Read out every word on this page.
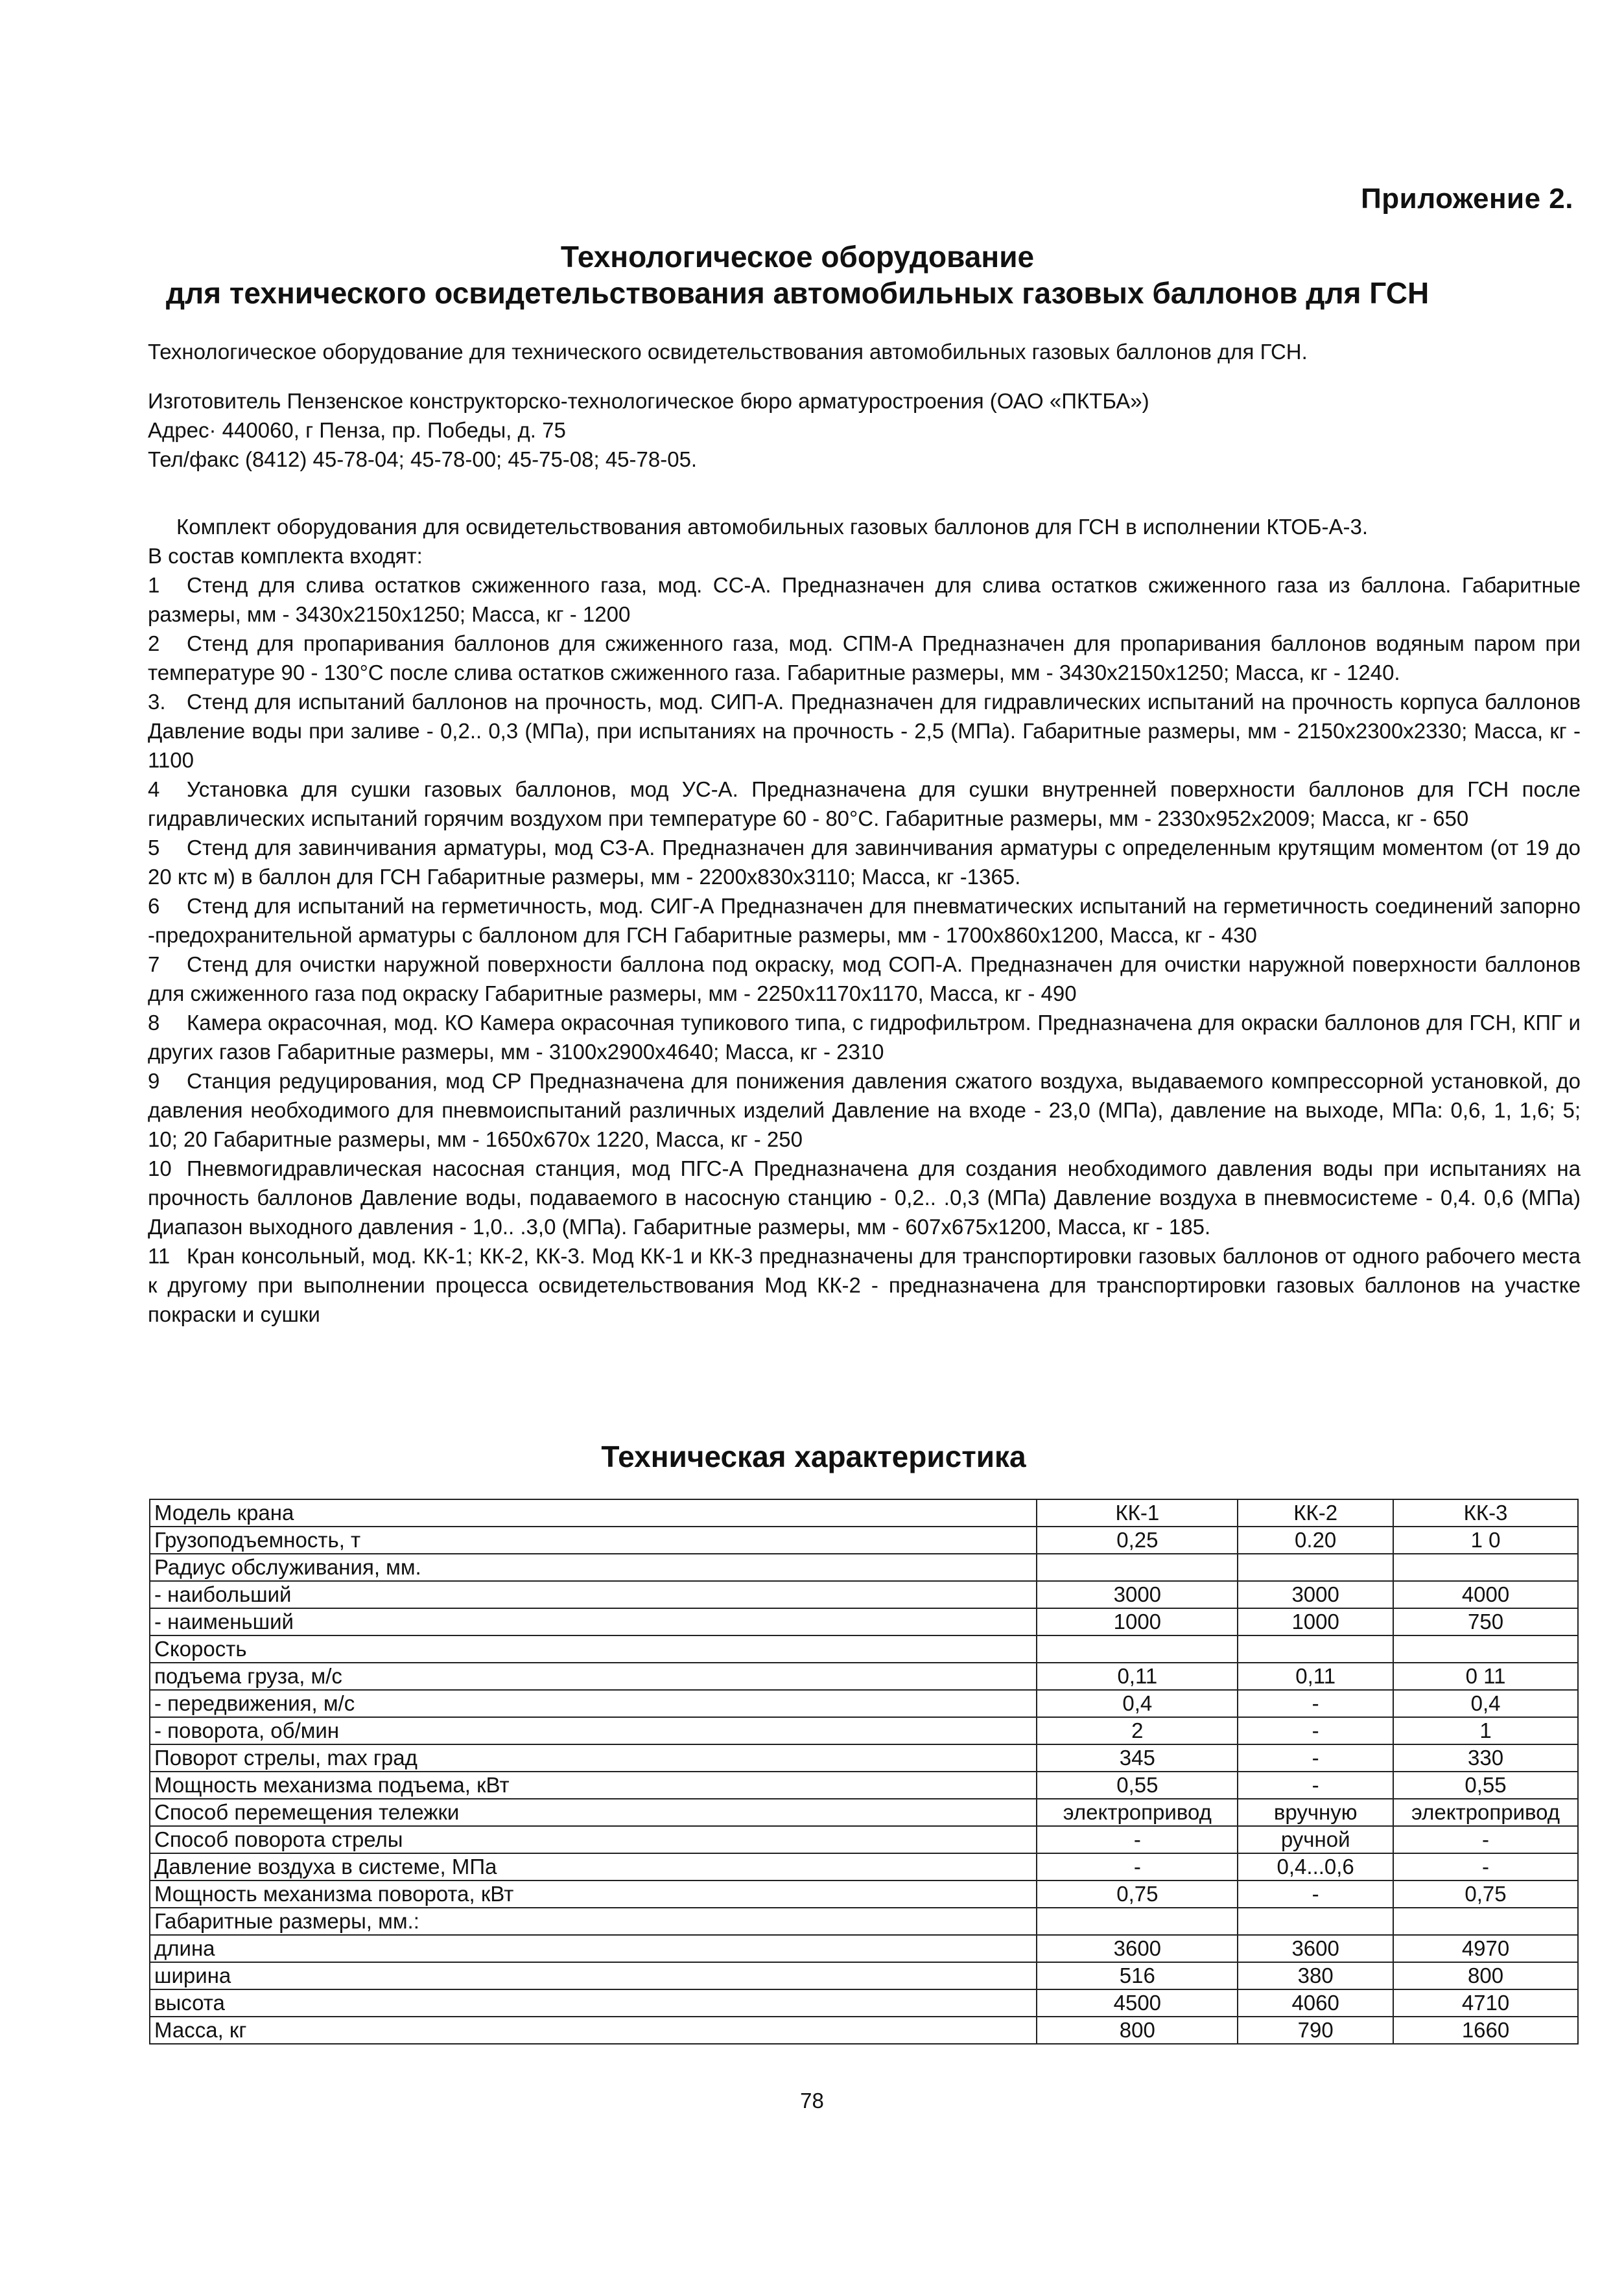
Приложение 2.
Технологическое оборудование
для технического освидетельствования автомобильных газовых баллонов для ГСН
Технологическое оборудование для технического освидетельствования автомобильных газовых баллонов для ГСН.
Изготовитель Пензенское конструкторско-технологическое бюро арматуростроения (ОАО «ПКТБА»)
Адрес· 440060, г Пенза, пр. Победы, д. 75
Тел/факс (8412) 45-78-04; 45-78-00; 45-75-08; 45-78-05.

Комплект оборудования для освидетельствования автомобильных газовых баллонов для ГСН в исполнении КТОБ-А-3.

В состав комплекта входят:

1 Стенд для слива остатков сжиженного газа, мод. СС-А. Предназначен для слива остатков сжиженного газа из баллона. Габаритные размеры, мм - 3430x2150x1250; Масса, кг - 1200

2 Стенд для пропаривания баллонов для сжиженного газа, мод. СПМ-А Предназначен для пропаривания баллонов водяным паром при температуре 90 - 130°С после слива остатков сжиженного газа. Габаритные размеры, мм - 3430x2150x1250; Масса, кг - 1240.

3. Стенд для испытаний баллонов на прочность, мод. СИП-А. Предназначен для гидравлических испытаний на прочность корпуса баллонов Давление воды при заливе - 0,2.. 0,3 (МПа), при испытаниях на прочность - 2,5 (МПа). Габаритные размеры, мм - 2150x2300x2330; Масса, кг - 1100

4 Установка для сушки газовых баллонов, мод УС-А. Предназначена для сушки внутренней поверхности баллонов для ГСН после гидравлических испытаний горячим воздухом при температуре 60 - 80°С. Габаритные размеры, мм - 2330x952x2009; Масса, кг - 650

5 Стенд для завинчивания арматуры, мод СЗ-А. Предназначен для завинчивания арматуры с определенным крутящим моментом (от 19 до 20 ктс м) в баллон для ГСН Габаритные размеры, мм - 2200x830x3110; Масса, кг -1365.

6 Стенд для испытаний на герметичность, мод. СИГ-А Предназначен для пневматических испытаний на герметичность соединений запорно -предохранительной арматуры с баллоном для ГСН Габаритные размеры, мм - 1700x860x1200, Масса, кг - 430

7 Стенд для очистки наружной поверхности баллона под окраску, мод СОП-А. Предназначен для очистки наружной поверхности баллонов для сжиженного газа под окраску Габаритные размеры, мм - 2250x1170x1170, Масса, кг - 490

8 Камера окрасочная, мод. КО Камера окрасочная тупикового типа, с гидрофильтром. Предназначена для окраски баллонов для ГСН, КПГ и других газов Габаритные размеры, мм - 3100x2900x4640; Масса, кг - 2310

9 Станция редуцирования, мод СР Предназначена для понижения давления сжатого воздуха, выдаваемого компрессорной установкой, до давления необходимого для пневмоиспытаний различных изделий Давление на входе - 23,0 (МПа), давление на выходе, МПа: 0,6, 1, 1,6; 5; 10; 20 Габаритные размеры, мм - 1650x670x 1220, Масса, кг - 250

10 Пневмогидравлическая насосная станция, мод ПГС-А Предназначена для создания необходимого давления воды при испытаниях на прочность баллонов Давление воды, подаваемого в насосную станцию - 0,2.. .0,3 (МПа) Давление воздуха в пневмосистеме - 0,4. 0,6 (МПа) Диапазон выходного давления - 1,0.. .3,0 (МПа). Габаритные размеры, мм - 607x675x1200, Масса, кг - 185.

11 Кран консольный, мод. КК-1; КК-2, КК-3. Мод КК-1 и КК-3 предназначены для транспортировки газовых баллонов от одного рабочего места к другому при выполнении процесса освидетельствования Мод КК-2 - предназначена для транспортировки газовых баллонов на участке покраски и сушки

Техническая характеристика
Модель крана	КК-1	КК-2	КК-3
Грузоподъемность, т	0,25	0.20	1 0
Радиус обслуживания, мм.			
- наибольший	3000	3000	4000
- наименьший	1000	1000	750
Скорость			
подъема груза, м/с	0,11	0,11	0 11
- передвижения, м/с	0,4	-	0,4
- поворота, об/мин	2	-	1
Поворот стрелы, max град	345	-	330
Мощность механизма подъема, кВт	0,55	-	0,55
Способ перемещения тележки	электропривод	вручную	электропривод
Способ поворота стрелы	-	ручной	-
Давление воздуха в системе, МПа	-	0,4...0,6	-
Мощность механизма поворота, кВт	0,75	-	0,75
Габаритные размеры, мм.:			
длина	3600	3600	4970
ширина	516	380	800
высота	4500	4060	4710
Масса, кг	800	790	1660
78
